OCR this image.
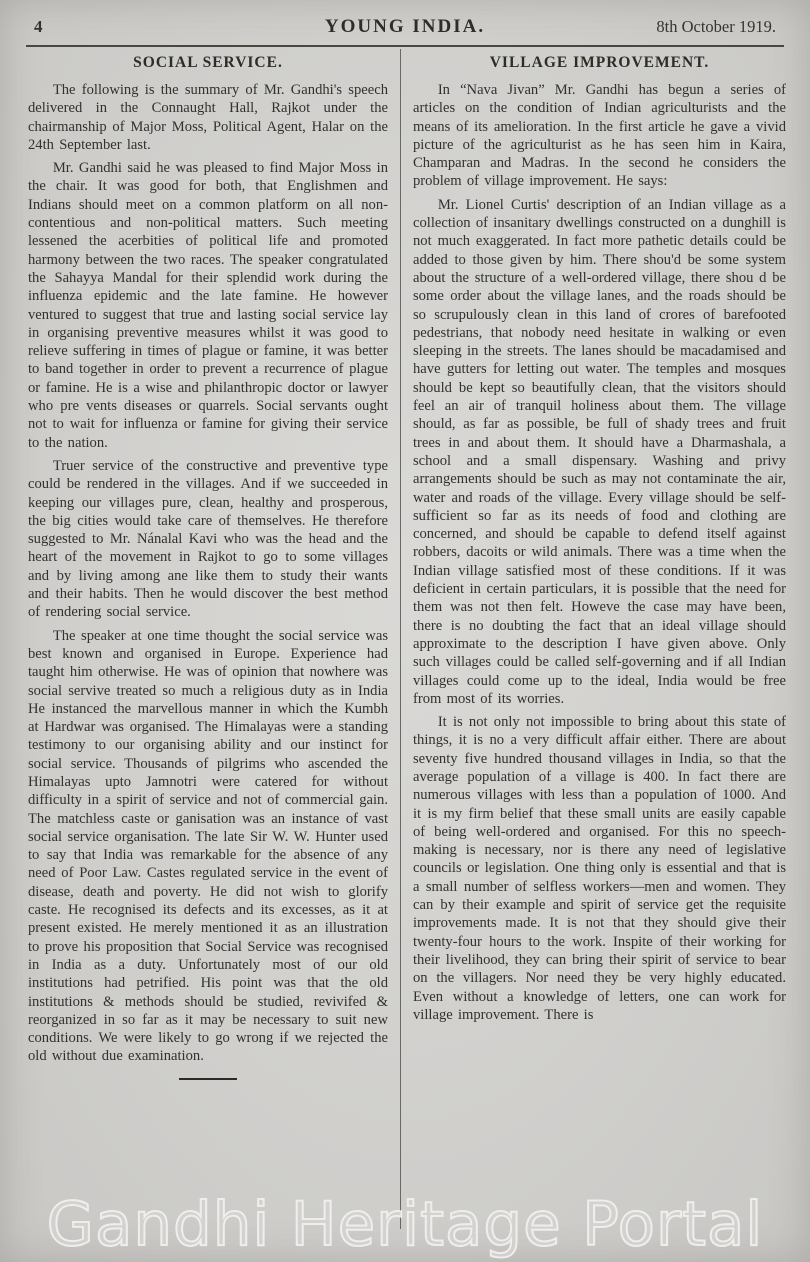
4	YOUNG INDIA.	8th October 1919.
SOCIAL SERVICE.

The following is the summary of Mr. Gandhi's speech delivered in the Connaught Hall, Rajkot under the chairmanship of Major Moss, Political Agent, Halar on the 24th September last.

Mr. Gandhi said he was pleased to find Major Moss in the chair. It was good for both, that Englishmen and Indians should meet on a common platform on all non-contentious and non-political matters. Such meeting lessened the acerbities of political life and promoted harmony between the two races. The speaker congratulated the Sahayya Mandal for their splendid work during the influenza epidemic and the late famine. He however ventured to suggest that true and lasting social service lay in organising preventive measures whilst it was good to relieve suffering in times of plague or famine, it was better to band together in order to prevent a recurrence of plague or famine. He is a wise and philanthropic doctor or lawyer who pre vents diseases or quarrels. Social servants ought not to wait for influenza or famine for giving their service to the nation.

Truer service of the constructive and preventive type could be rendered in the villages. And if we succeeded in keeping our villages pure, clean, healthy and prosperous, the big cities would take care of themselves. He therefore suggested to Mr. Nánalal Kavi who was the head and the heart of the movement in Rajkot to go to some villages and by living among ane like them to study their wants and their habits. Then he would discover the best method of rendering social service.

The speaker at one time thought the social service was best known and organised in Europe. Experience had taught him otherwise. He was of opinion that nowhere was social servive treated so much a religious duty as in India He instanced the marvellous manner in which the Kumbh at Hardwar was organised. The Himalayas were a standing testimony to our organising ability and our instinct for social service. Thousands of pilgrims who ascended the Himalayas upto Jamnotri were catered for without difficulty in a spirit of service and not of commercial gain. The matchless caste or ganisation was an instance of vast social service organisation. The late Sir W. W. Hunter used to say that India was remarkable for the absence of any need of Poor Law. Castes regulated service in the event of disease, death and poverty. He did not wish to glorify caste. He recognised its defects and its excesses, as it at present existed. He merely mentioned it as an illustration to prove his proposition that Social Service was recognised in India as a duty. Unfortunately most of our old institutions had petrified. His point was that the old institutions & methods should be studied, revivifed & reorganized in so far as it may be necessary to suit new conditions. We were likely to go wrong if we rejected the old without due examination.

VILLAGE IMPROVEMENT.

In “Nava Jivan” Mr. Gandhi has begun a series of articles on the condition of Indian agriculturists and the means of its amelioration. In the first article he gave a vivid picture of the agriculturist as he has seen him in Kaira, Champaran and Madras. In the second he considers the problem of village improvement. He says:

Mr. Lionel Curtis' description of an Indian village as a collection of insanitary dwellings constructed on a dunghill is not much exaggerated. In fact more pathetic details could be added to those given by him. There shou'd be some system about the structure of a well-ordered village, there shou d be some order about the village lanes, and the roads should be so scrupulously clean in this land of crores of barefooted pedestrians, that nobody need hesitate in walking or even sleeping in the streets. The lanes should be macadamised and have gutters for letting out water. The temples and mosques should be kept so beautifully clean, that the visitors should feel an air of tranquil holiness about them. The village should, as far as possible, be full of shady trees and fruit trees in and about them. It should have a Dharmashala, a school and a small dispensary. Washing and privy arrangements should be such as may not contaminate the air, water and roads of the village. Every village should be self-sufficient so far as its needs of food and clothing are concerned, and should be capable to defend itself against robbers, dacoits or wild animals. There was a time when the Indian village satisfied most of these conditions. If it was deficient in certain particulars, it is possible that the need for them was not then felt. Howeve the case may have been, there is no doubting the fact that an ideal village should approximate to the description I have given above. Only such villages could be called self-governing and if all Indian villages could come up to the ideal, India would be free from most of its worries.

It is not only not impossible to bring about this state of things, it is no a very difficult affair either. There are about seventy five hundred thousand villages in India, so that the average population of a village is 400. In fact there are numerous villages with less than a population of 1000. And it is my firm belief that these small units are easily capable of being well-ordered and organised. For this no speech-making is necessary, nor is there any need of legislative councils or legislation. One thing only is essential and that is a small number of selfless workers—men and women. They can by their example and spirit of service get the requisite improvements made. It is not that they should give their twenty-four hours to the work. Inspite of their working for their livelihood, they can bring their spirit of service to bear on the villagers. Nor need they be very highly educated. Even without a knowledge of letters, one can work for village improvement. There is

Gandhi Heritage Portal
